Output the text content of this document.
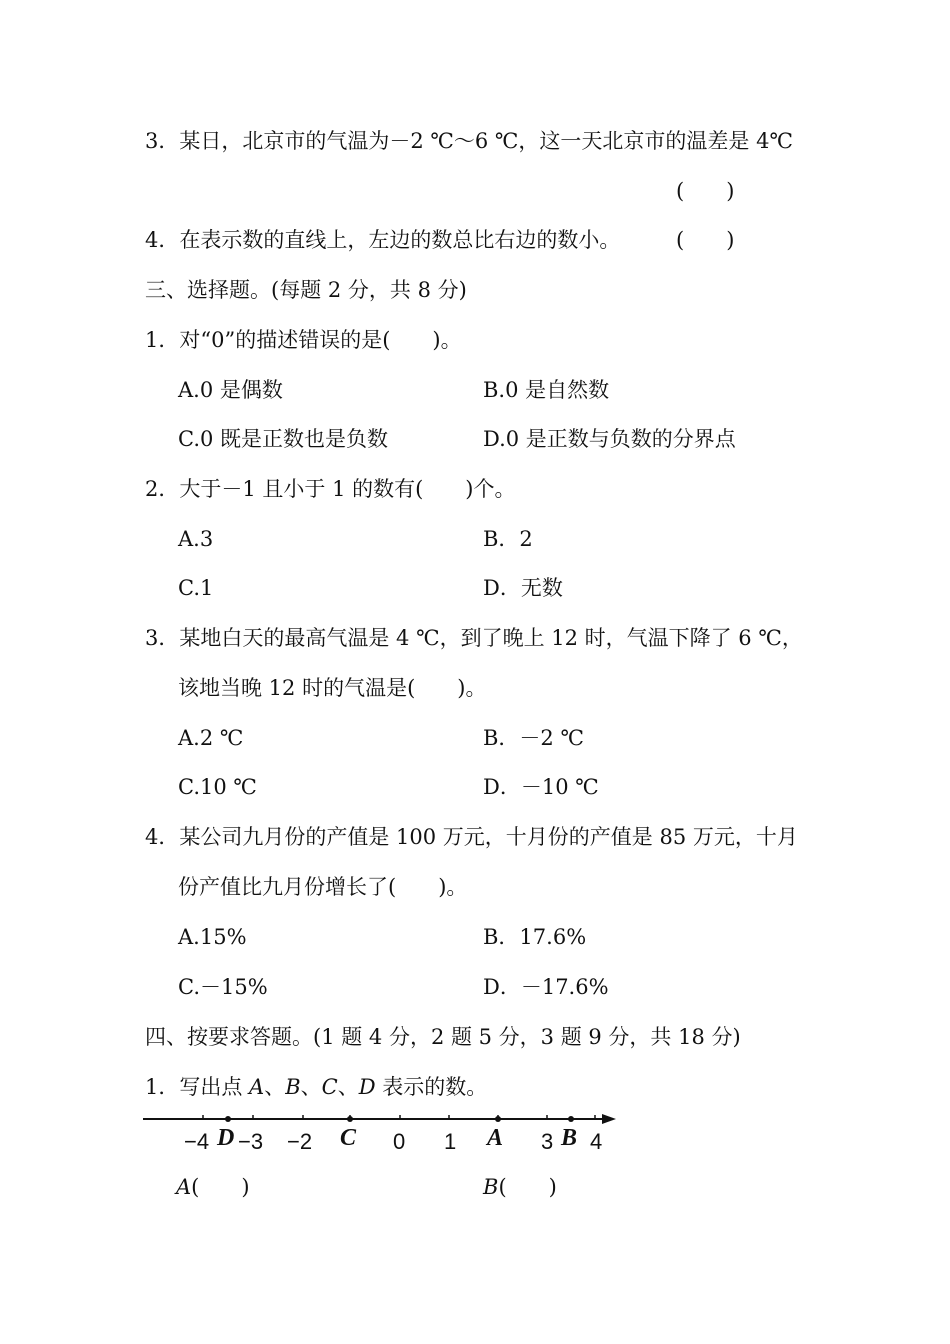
3．某日，北京市的气温为－2 ℃～6 ℃，这一天北京市的温差是 4℃
(　　)
4．在表示数的直线上，左边的数总比右边的数小。	(　　)
三、选择题。(每题 2 分，共 8 分)
1．对“0”的描述错误的是(　　)。
A.0 是偶数	B.0 是自然数
C.0 既是正数也是负数	D.0 是正数与负数的分界点
2．大于－1 且小于 1 的数有(　　)个。
A.3	B．2
C.1	D．无数
3．某地白天的最高气温是 4 ℃，到了晚上 12 时，气温下降了 6 ℃，
该地当晚 12 时的气温是(　　)。
A.2 ℃	B．－2 ℃
C.10 ℃	D．－10 ℃
4．某公司九月份的产值是 100 万元，十月份的产值是 85 万元，十月
份产值比九月份增长了(　　)。
A.15%	B．17.6%
C.－15%	D．－17.6%
四、按要求答题。(1 题 4 分，2 题 5 分，3 题 9 分，共 18 分)
1．写出点 A、B、C、D 表示的数。
−4 −3 −2	0 1	3 4
D	C	A B
A(　　)	B(　　)
